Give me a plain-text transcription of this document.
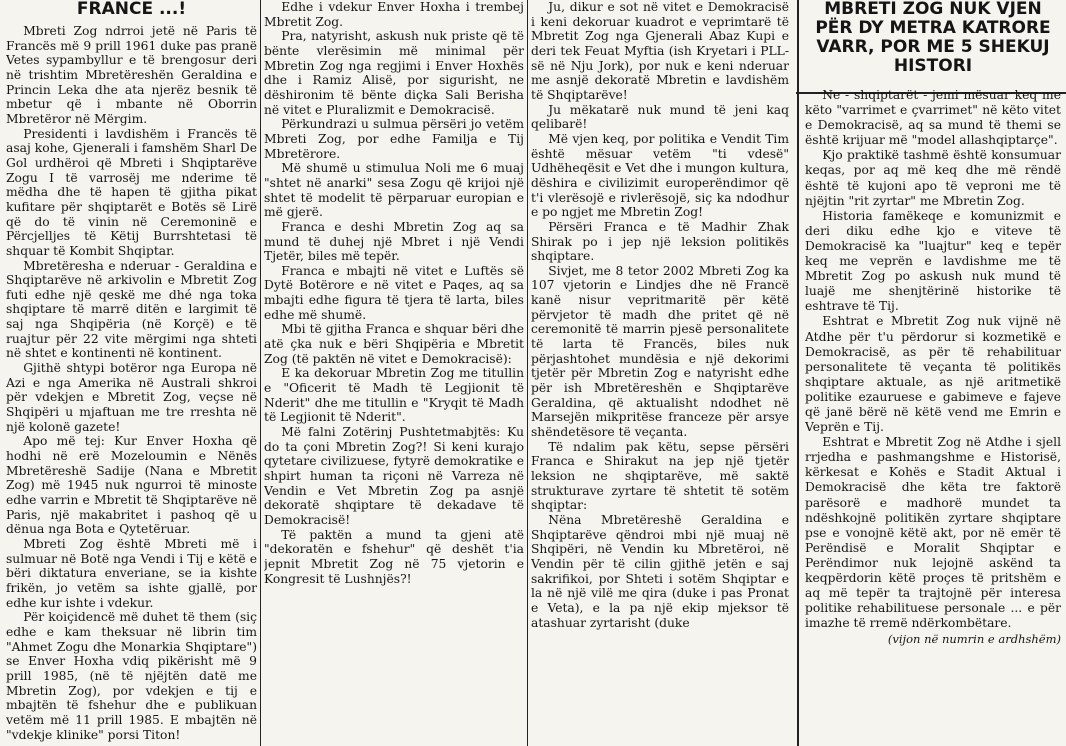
FRANCE ...!

Mbreti Zog ndrroi jetë në Paris të Francës më 9 prill 1961 duke pas pranë Vetes sypambyllur e të brengosur deri në trishtim Mbretëreshën Geraldina e Princin Leka dhe ata njerëz besnik të mbetur që i mbante në Oborrin Mbretëror në Mërgim.

Presidenti i lavdishëm i Francës të asaj kohe, Gjenerali i famshëm Sharl De Gol urdhëroi që Mbreti i Shqiptarëve Zogu I të varrosëj me nderime të mëdha dhe të hapen të gjitha pikat kufitare për shqiptarët e Botës së Lirë që do të vinin në Ceremoninë e Përcjelljes të Këtij Burrshtetasi të shquar të Kombit Shqiptar.

Mbretëresha e nderuar - Geraldina e Shqiptarëve në arkivolin e Mbretit Zog futi edhe një qeskë me dhé nga toka shqiptare të marrë ditën e largimit të saj nga Shqipëria (në Korçë) e të ruajtur për 22 vite mërgimi nga shteti në shtet e kontinenti në kontinent.

Gjithë shtypi botëror nga Europa në Azi e nga Amerika në Australi shkroi për vdekjen e Mbretit Zog, veçse në Shqipëri u mjaftuan me tre rreshta në një kolonë gazete!

Apo më tej: Kur Enver Hoxha që hodhi në erë Mozeloumin e Nënës Mbretëreshë Sadije (Nana e Mbretit Zog) më 1945 nuk ngurroi të minoste edhe varrin e Mbretit të Shqiptarëve në Paris, një makabritet i pashoq që u dënua nga Bota e Qytetëruar.

Mbreti Zog është Mbreti më i sulmuar në Botë nga Vendi i Tij e këtë e bëri diktatura enveriane, se ia kishte frikën, jo vetëm sa ishte gjallë, por edhe kur ishte i vdekur.

Për koiçidencë më duhet të them (siç edhe e kam theksuar në librin tim "Ahmet Zogu dhe Monarkia Shqiptare") se Enver Hoxha vdiq pikërisht më 9 prill 1985, (në të njëjtën datë me Mbretin Zog), por vdekjen e tij e mbajtën të fshehur dhe e publikuan vetëm më 11 prill 1985. E mbajtën në "vdekje klinike" porsi Titon!

Edhe i vdekur Enver Hoxha i trembej Mbretit Zog.

Pra, natyrisht, askush nuk priste që të bënte vlerësimin më minimal për Mbretin Zog nga regjimi i Enver Hoxhës dhe i Ramiz Alisë, por sigurisht, ne dëshironim të bënte diçka Sali Berisha në vitet e Pluralizmit e Demokracisë.

Përkundrazi u sulmua përsëri jo vetëm Mbreti Zog, por edhe Familja e Tij Mbretërore.

Më shumë u stimulua Noli me 6 muaj "shtet në anarki" sesa Zogu që krijoi një shtet të modelit të përparuar europian e më gjerë.

Franca e deshi Mbretin Zog aq sa mund të duhej një Mbret i një Vendi Tjetër, biles më tepër.

Franca e mbajti në vitet e Luftës së Dytë Botërore e në vitet e Paqes, aq sa mbajti edhe figura të tjera të larta, biles edhe më shumë.

Mbi të gjitha Franca e shquar bëri dhe atë çka nuk e bëri Shqipëria e Mbretit Zog (të paktën në vitet e Demokracisë):

E ka dekoruar Mbretin Zog me titullin e "Oficerit të Madh të Legjionit të Nderit" dhe me titullin e "Kryqit të Madh të Legjionit të Nderit".

Më falni Zotërinj Pushtetmabjtës: Ku do ta çoni Mbretin Zog?! Si keni kurajo qytetare civilizuese, fytyrë demokratike e shpirt human ta riçoni në Varreza në Vendin e Vet Mbretin Zog pa asnjë dekoratë shqiptare të dekadave të Demokracisë!

Të paktën a mund ta gjeni atë "dekoratën e fshehur" që deshët t'ia jepnit Mbretit Zog në 75 vjetorin e Kongresit të Lushnjës?!

Ju, dikur e sot në vitet e Demokracisë i keni dekoruar kuadrot e veprimtarë të Mbretit Zog nga Gjenerali Abaz Kupi e deri tek Feuat Myftia (ish Kryetari i PLL-së në Nju Jork), por nuk e keni nderuar me asnjë dekoratë Mbretin e lavdishëm të Shqiptarëve!

Ju mëkatarë nuk mund të jeni kaq qelibarë!

Më vjen keq, por politika e Vendit Tim është mësuar vetëm "ti vdesë" Udhëheqësit e Vet dhe i mungon kultura, dëshira e civilizimit europerëndimor që t'i vlerësojë e rivlerësojë, siç ka ndodhur e po ngjet me Mbretin Zog!

Përsëri Franca e të Madhir Zhak Shirak po i jep një leksion politikës shqiptare.

Sivjet, me 8 tetor 2002 Mbreti Zog ka 107 vjetorin e Lindjes dhe në Francë kanë nisur vepritmaritë për këtë përvjetor të madh dhe pritet që në ceremonitë të marrin pjesë personalitete të larta të Francës, biles nuk përjashtohet mundësia e një dekorimi tjetër për Mbretin Zog e natyrisht edhe për ish Mbretëreshën e Shqiptarëve Geraldina, që aktualisht ndodhet në Marsejën mikpritëse franceze për arsye shëndetësore të veçanta.

Të ndalim pak këtu, sepse përsëri Franca e Shirakut na jep një tjetër leksion ne shqiptarëve, më saktë strukturave zyrtare të shtetit të sotëm shqiptar:

Nëna Mbretëreshë Geraldina e Shqiptarëve qëndroi mbi një muaj në Shqipëri, në Vendin ku Mbretëroi, në Vendin për të cilin gjithë jetën e saj sakrifikoi, por Shteti i sotëm Shqiptar e la në një vilë me qira (duke i pas Pronat e Veta), e la pa një ekip mjeksor të atashuar zyrtarisht (duke

MBRETI ZOG NUK VJEN PËR DY METRA KATRORE VARR, POR ME 5 SHEKUJ HISTORI

Ne - shqiptarët - jemi mësuar keq me këto "varrimet e çvarrimet" në këto vitet e Demokracisë, aq sa mund të themi se është krijuar më "model allashqiptarçe".

Kjo praktikë tashmë është konsumuar keqas, por aq më keq dhe më rëndë është të kujoni apo të veproni me të njëjtin "rit zyrtar" me Mbretin Zog.

Historia famëkeqe e komunizmit e deri diku edhe kjo e viteve të Demokracisë ka "luajtur" keq e tepër keq me veprën e lavdishme me të Mbretit Zog po askush nuk mund të luajë me shenjtërinë historike të eshtrave të Tij.

Eshtrat e Mbretit Zog nuk vijnë në Atdhe për t'u përdorur si kozmetikë e Demokracisë, as për të rehabilituar personalitete të veçanta të politikës shqiptare aktuale, as një aritmetikë politike ezauruese e gabimeve e fajeve që janë bërë në këtë vend me Emrin e Veprën e Tij.

Eshtrat e Mbretit Zog në Atdhe i sjell rrjedha e pashmangshme e Historisë, kërkesat e Kohës e Stadit Aktual i Demokracisë dhe këta tre faktorë parësorë e madhorë mundet ta ndëshkojnë politikën zyrtare shqiptare pse e vonojnë këtë akt, por në emër të Perëndisë e Moralit Shqiptar e Perëndimor nuk lejojnë askënd ta keqpërdorin këtë proçes të pritshëm e aq më tepër ta trajtojnë për interesa politike rehabilituese personale ... e për imazhe të rremë ndërkombëtare.

(vijon në numrin e ardhshëm)
